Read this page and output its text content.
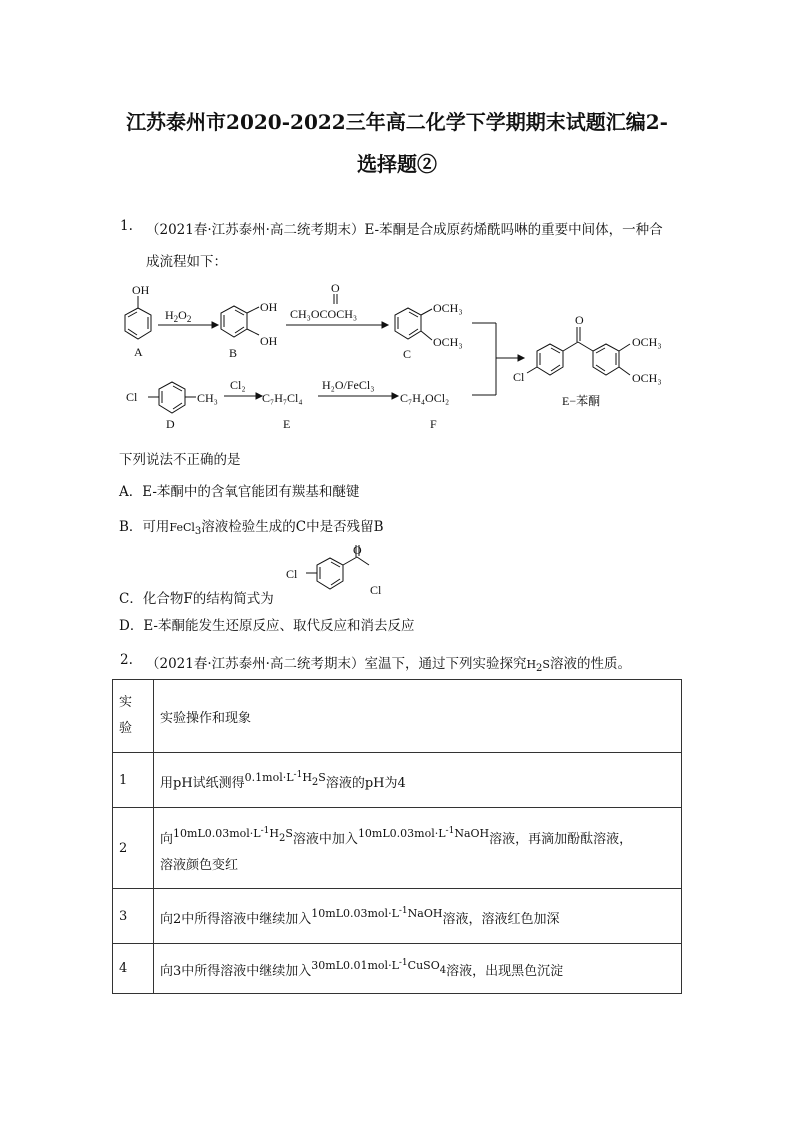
江苏泰州市2020-2022三年高二化学下学期期末试题汇编2-
选择题②
1. （2021春·江苏泰州·高二统考期末）E-苯酮是合成原药烯酰吗啉的重要中间体，一种合
成流程如下：
OH
A
$H_2O_2$
OH
OH
B
O
CH₃OCOCH₃	OCH₃
OCH₃
C
O
OCH₃
OCH₃
Cl
E−苯酮
Cl	CH₃
D
Cl₂
C₇H₇Cl₄
E
H₂O/FeCl₃
C₇H₄OCl₂
F
下列说法不正确的是
A．E-苯酮中的含氧官能团有羰基和醚键
B．可用FeCl$_3$溶液检验生成的C中是否残留B
C．化合物F的结构简式为
Cl
O
Cl
D．E-苯酮能发生还原反应、取代反应和消去反应
2. （2021春·江苏泰州·高二统考期末）室温下，通过下列实验探究$H_2S$溶液的性质。
实
验	实验操作和现象
1	用pH试纸测得$^{0.1mol\cdot L-1H2S}$溶液的pH为4
2	向$^{10mL0.03mol\cdot L-1H2S}$溶液中加入$^{10mL0.03mol\cdot L-1NaOH}$溶液，再滴加酚酞溶液，
溶液颜色变红

3	向2中所得溶液中继续加入$^{10mL0.03mol\cdot L-1NaOH}$溶液，溶液红色加深
4	向3中所得溶液中继续加入$^{30mL0.01mol\cdot L-1CuSO4}$溶液，出现黑色沉淀
